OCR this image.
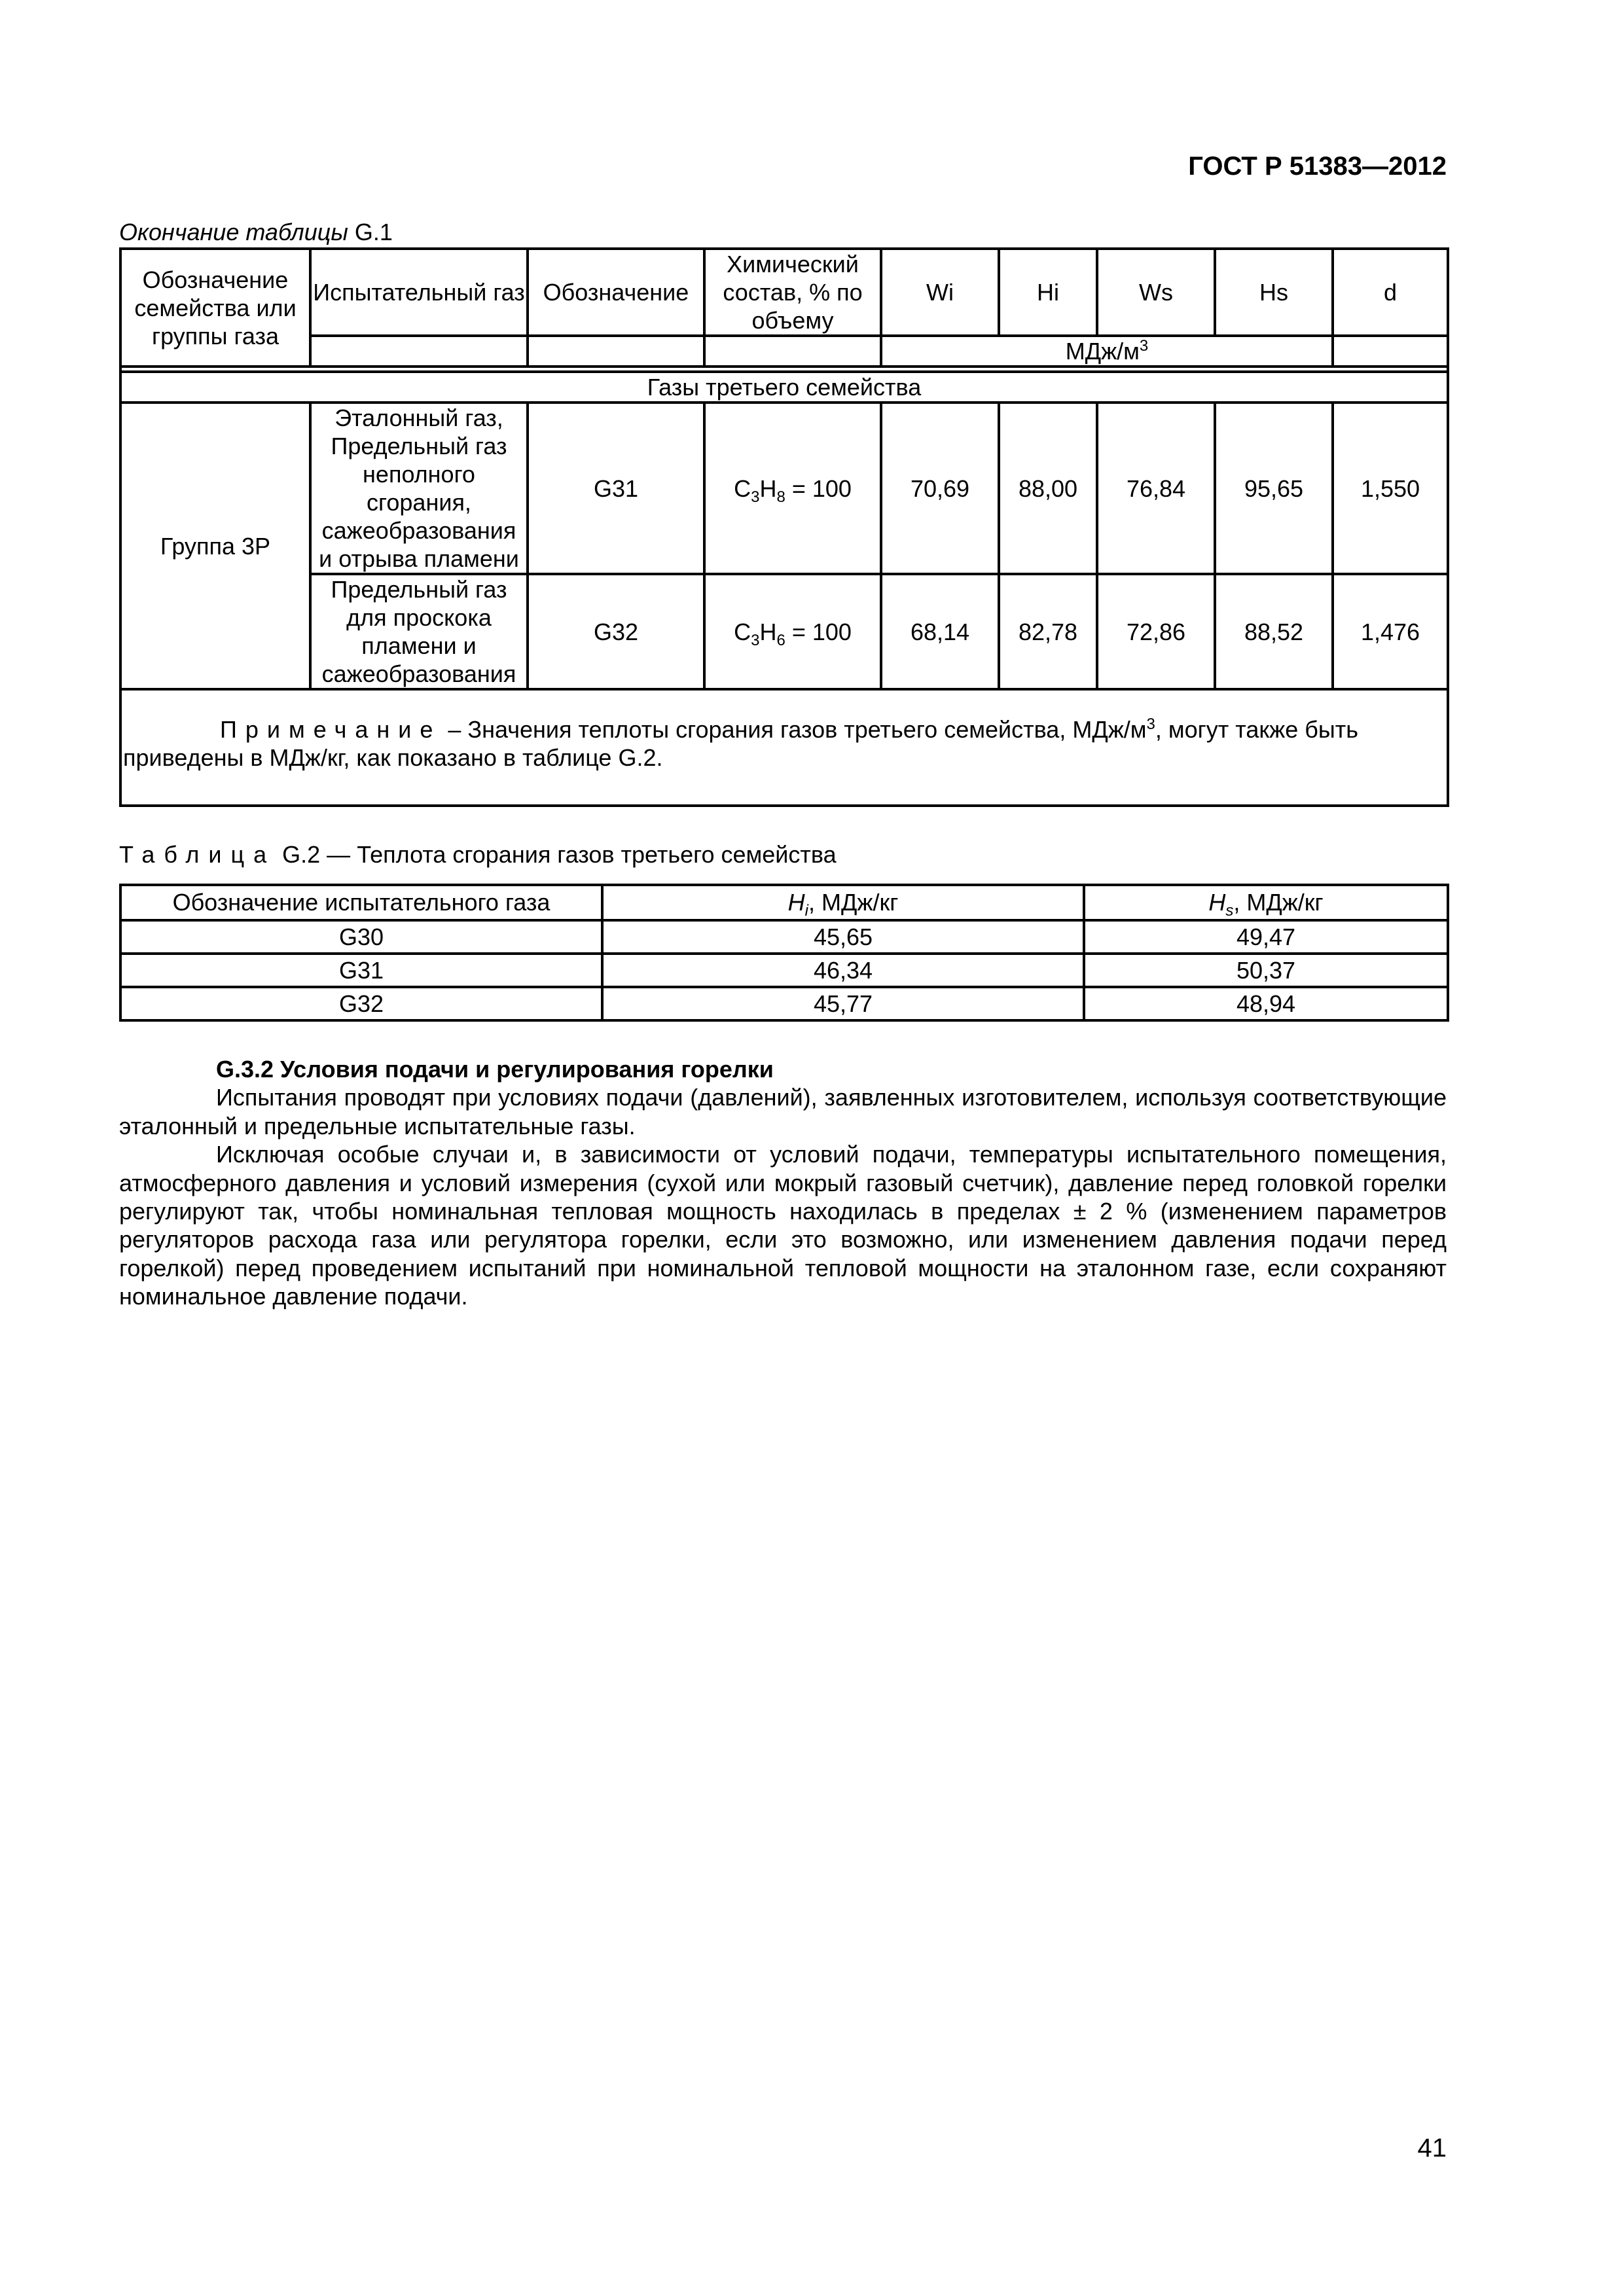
ГОСТ Р 51383—2012
Окончание таблицы G.1
Обозначение семейства или группы газа	Испытательный газ	Обозначение	Химический состав, % по объему	Wi	Hi	Ws	Hs	d
				МДж/$м^3$	

Газы третьего семейства								
Группа 3Р	Эталонный газ, Предельный газ неполного сгорания, сажеобразования и отрыва пламени	G31	$C_3H_8 = 100$	70,69	88,00	76,84	95,65	1,550
	Предельный газ для проскока пламени и сажеобразования	G32	$C_3H_6 = 100$	68,14	82,78	72,86	88,52	1,476
Примечание – Значения теплоты сгорания газов третьего семейства, МДж/$м^3$, могут также быть приведены в МДж/кг, как показано в таблице G.2.								
Таблица G.2 — Теплота сгорания газов третьего семейства
Обозначение испытательного газа	$H_i$, МДж/кг	$H_s$, МДж/кг
G30	45,65	49,47
G31	46,34	50,37
G32	45,77	48,94

G.3.2 Условия подачи и регулирования горелки

Испытания проводят при условиях подачи (давлений), заявленных изготовителем, используя соответствующие эталонный и предельные испытательные газы.

Исключая особые случаи и, в зависимости от условий подачи, температуры испытательного помещения, атмосферного давления и условий измерения (сухой или мокрый газовый счетчик), давление перед головкой горелки регулируют так, чтобы номинальная тепловая мощность находилась в пределах ± 2 % (изменением параметров регуляторов расхода газа или регулятора горелки, если это возможно, или изменением давления подачи перед горелкой) перед проведением испытаний при номинальной тепловой мощности на эталонном газе, если сохраняют номинальное давление подачи.

41
